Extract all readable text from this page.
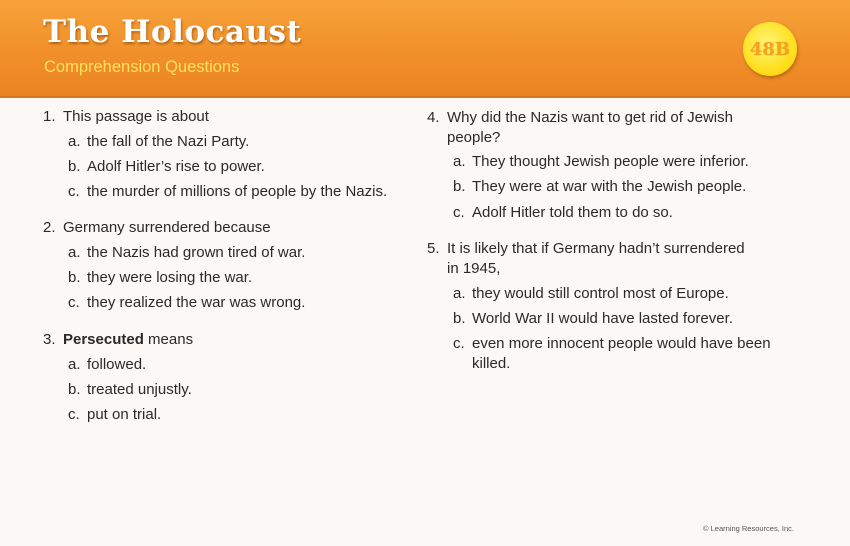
The Holocaust
Comprehension Questions
48B
1. This passage is about
a. the fall of the Nazi Party.
b. Adolf Hitler’s rise to power.
c. the murder of millions of people by the Nazis.
2. Germany surrendered because
a. the Nazis had grown tired of war.
b. they were losing the war.
c. they realized the war was wrong.
3. Persecuted means
a. followed.
b. treated unjustly.
c. put on trial.
4. Why did the Nazis want to get rid of Jewish
people?
a. They thought Jewish people were inferior.
b. They were at war with the Jewish people.
c. Adolf Hitler told them to do so.
5. It is likely that if Germany hadn’t surrendered
in 1945,
a. they would still control most of Europe.
b. World War II would have lasted forever.
c. even more innocent people would have been
killed.
© Learning Resources, Inc.
